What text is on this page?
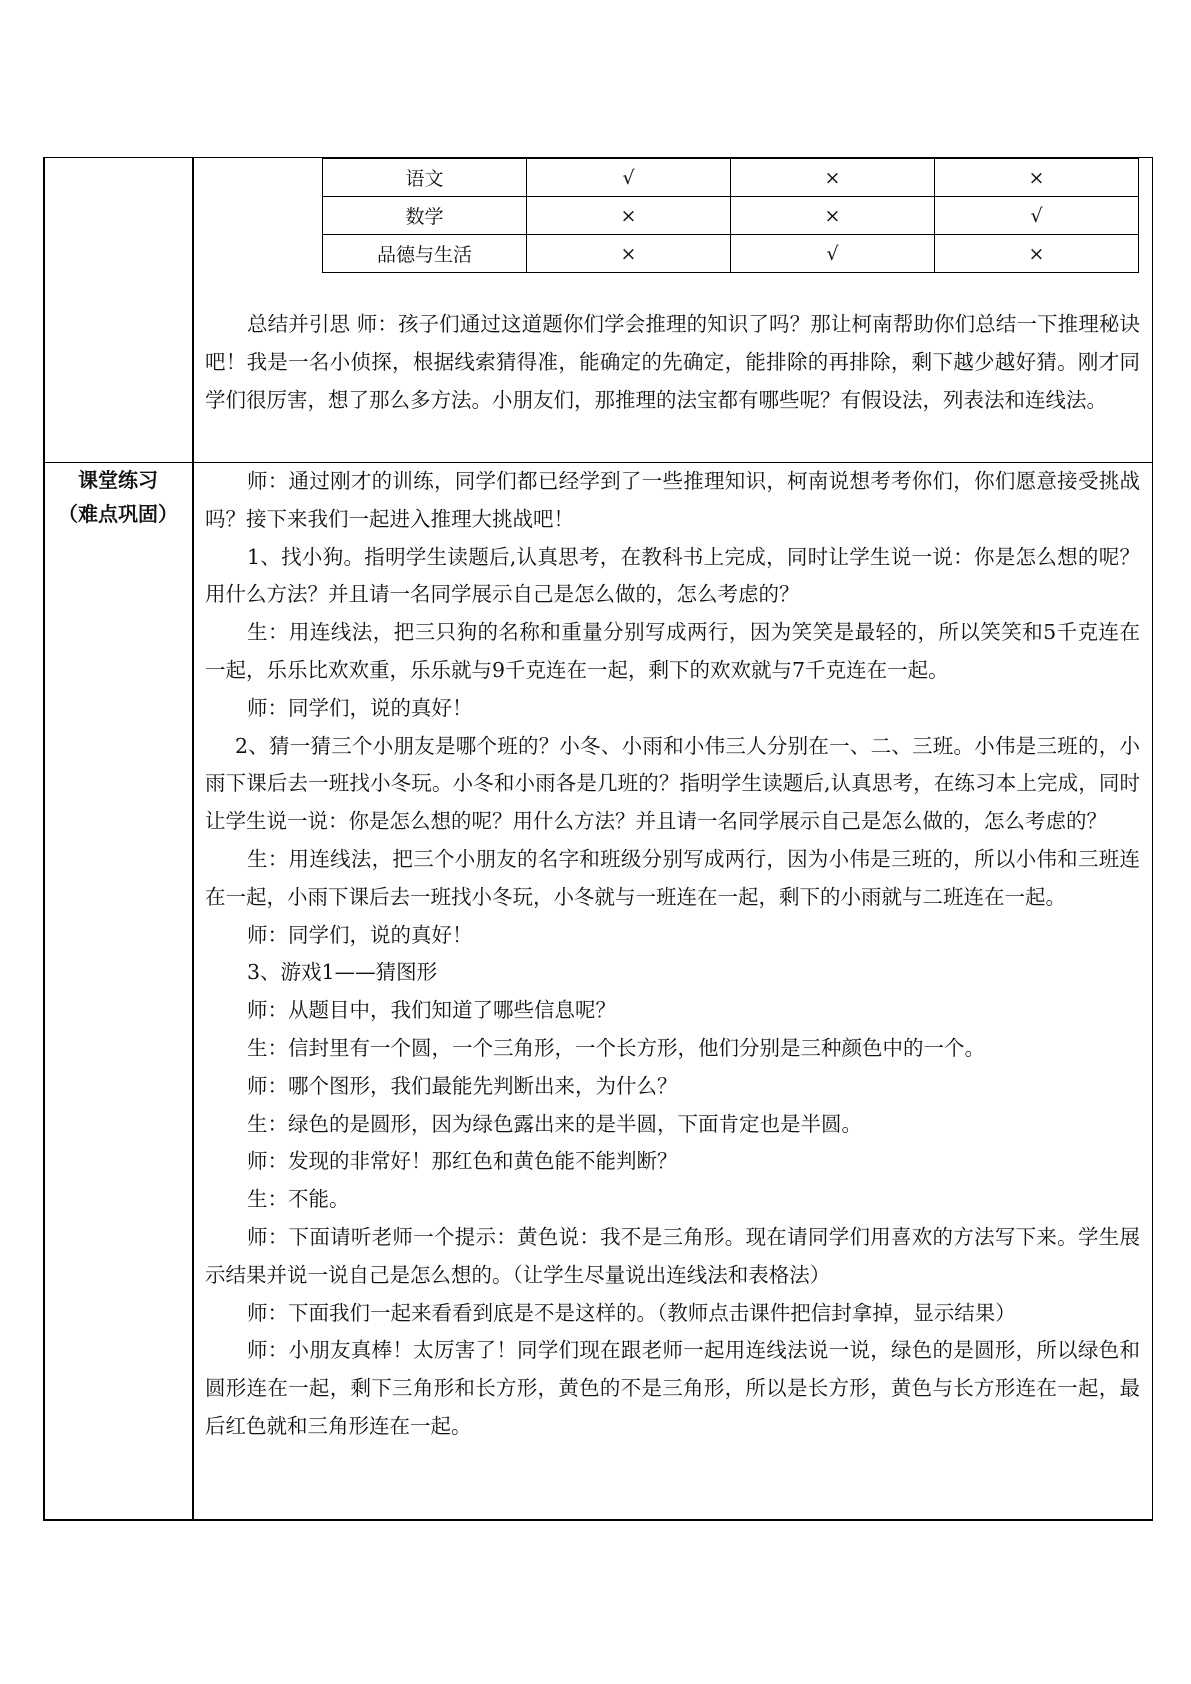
语文	√	×	×
数学	×	×	√
品德与生活	×	√	×

总结并引思 师：孩子们通过这道题你们学会推理的知识了吗？那让柯南帮助你们总结一下推理秘诀吧！我是一名小侦探，根据线索猜得准，能确定的先确定，能排除的再排除，剩下越少越好猜。刚才同学们很厉害，想了那么多方法。小朋友们，那推理的法宝都有哪些呢？有假设法，列表法和连线法。

课堂练习
（难点巩固）

师：通过刚才的训练，同学们都已经学到了一些推理知识，柯南说想考考你们，你们愿意接受挑战吗？接下来我们一起进入推理大挑战吧！

1、找小狗。指明学生读题后,认真思考，在教科书上完成，同时让学生说一说：你是怎么想的呢？用什么方法？并且请一名同学展示自己是怎么做的，怎么考虑的？

生：用连线法，把三只狗的名称和重量分别写成两行，因为笑笑是最轻的，所以笑笑和5千克连在一起，乐乐比欢欢重，乐乐就与9千克连在一起，剩下的欢欢就与7千克连在一起。

师：同学们，说的真好！

2、猜一猜三个小朋友是哪个班的？小冬、小雨和小伟三人分别在一、二、三班。小伟是三班的，小雨下课后去一班找小冬玩。小冬和小雨各是几班的？指明学生读题后,认真思考，在练习本上完成，同时让学生说一说：你是怎么想的呢？用什么方法？并且请一名同学展示自己是怎么做的，怎么考虑的？

生：用连线法，把三个小朋友的名字和班级分别写成两行，因为小伟是三班的，所以小伟和三班连在一起，小雨下课后去一班找小冬玩，小冬就与一班连在一起，剩下的小雨就与二班连在一起。

师：同学们，说的真好！

3、游戏1——猜图形

师：从题目中，我们知道了哪些信息呢？

生：信封里有一个圆，一个三角形，一个长方形，他们分别是三种颜色中的一个。

师：哪个图形，我们最能先判断出来，为什么？

生：绿色的是圆形，因为绿色露出来的是半圆，下面肯定也是半圆。

师：发现的非常好！那红色和黄色能不能判断？

生：不能。

师：下面请听老师一个提示：黄色说：我不是三角形。现在请同学们用喜欢的方法写下来。学生展示结果并说一说自己是怎么想的。（让学生尽量说出连线法和表格法）

师：下面我们一起来看看到底是不是这样的。（教师点击课件把信封拿掉，显示结果）

师：小朋友真棒！太厉害了！同学们现在跟老师一起用连线法说一说，绿色的是圆形，所以绿色和圆形连在一起，剩下三角形和长方形，黄色的不是三角形，所以是长方形，黄色与长方形连在一起，最后红色就和三角形连在一起。
